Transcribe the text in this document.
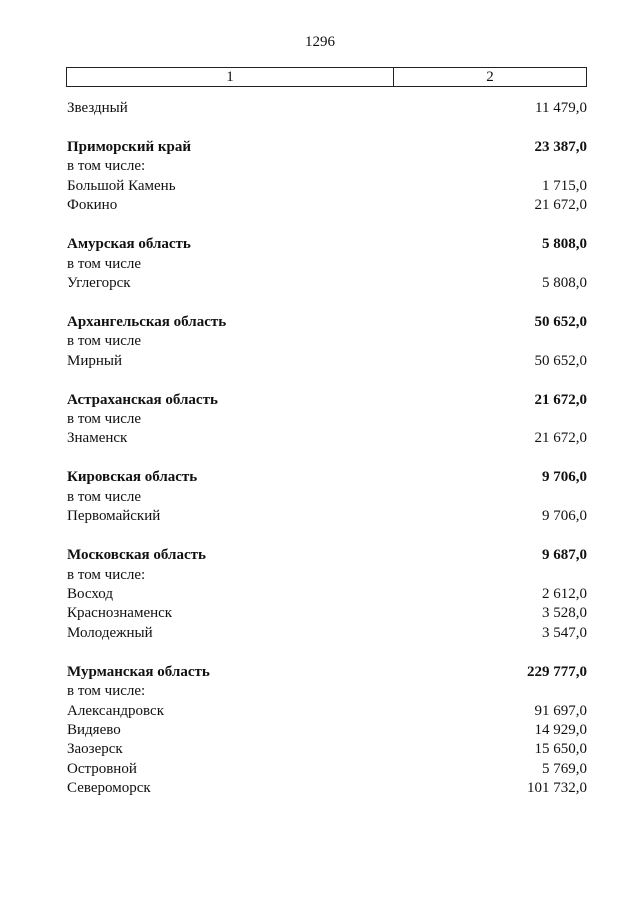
1296
1	2
Звездный	11 479,0
Приморский край	23 387,0
в том числе:
Большой Камень	1 715,0
Фокино	21 672,0
Амурская область	5 808,0
в том числе
Углегорск	5 808,0
Архангельская область	50 652,0
в том числе
Мирный	50 652,0
Астраханская область	21 672,0
в том числе
Знаменск	21 672,0
Кировская область	9 706,0
в том числе
Первомайский	9 706,0
Московская область	9 687,0
в том числе:
Восход	2 612,0
Краснознаменск	3 528,0
Молодежный	3 547,0
Мурманская область	229 777,0
в том числе:
Александровск	91 697,0
Видяево	14 929,0
Заозерск	15 650,0
Островной	5 769,0
Североморск	101 732,0
